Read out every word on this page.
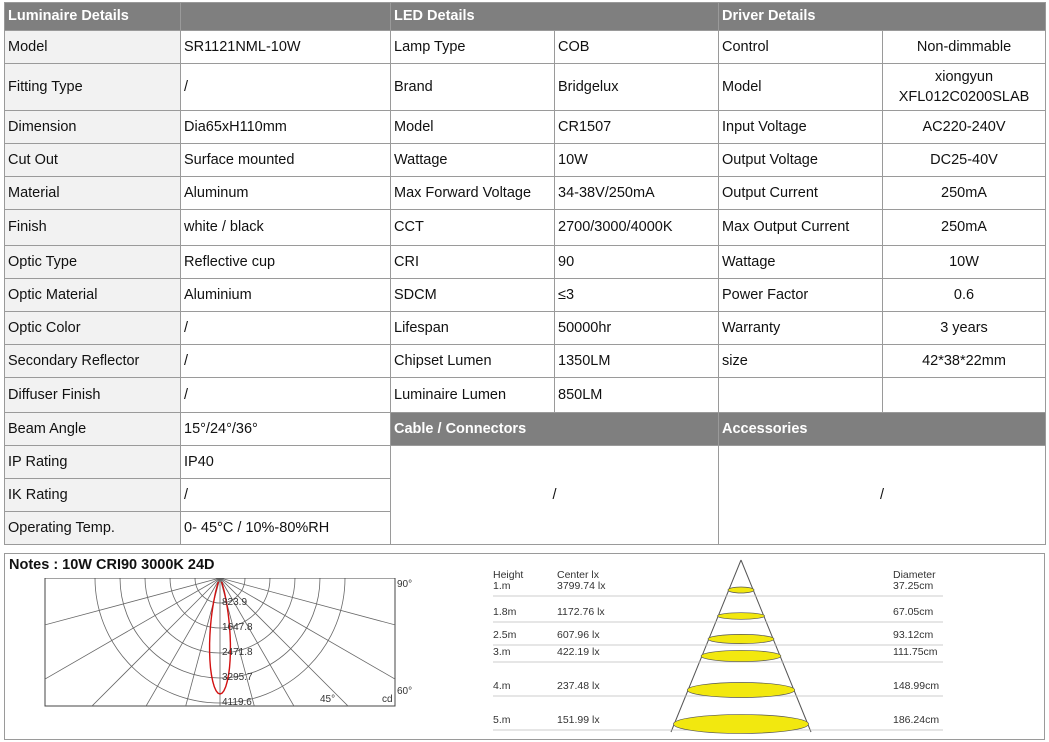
Luminaire Details		LED Details		Driver Details	
Model	SR1121NML-10W	Lamp Type	COB	Control	Non-dimmable
Fitting Type	/	Brand	Bridgelux	Model	xiongyun
XFL012C0200SLAB

Dimension	Dia65xH110mm	Model	CR1507	Input Voltage	AC220-240V
Cut Out	Surface mounted	Wattage	10W	Output Voltage	DC25-40V
Material	Aluminum	Max Forward Voltage	34-38V/250mA	Output Current	250mA
Finish	white / black	CCT	2700/3000/4000K	Max Output Current	250mA
Optic Type	Reflective cup	CRI	90	Wattage	10W
Optic Material	Aluminium	SDCM	≤3	Power Factor	0.6
Optic Color	/	Lifespan	50000hr	Warranty	3 years
Secondary Reflector	/	Chipset Lumen	1350LM	size	42*38*22mm
Diffuser Finish	/	Luminaire Lumen	850LM		
Beam Angle	15°/24°/36°	Cable / Connectors		Accessories	
IP Rating	IP40	/		/	
IK Rating	/				
Operating Temp.	0- 45°C / 10%-80%RH				
Notes : 10W CRI90 3000K 24D
823.9
1647.8
2471.8
3295.7
4119.6
90°
60°
45°	cd
Height	Center lx	Diameter
1.m	3799.74 lx	37.25cm
1.8m	1172.76 lx	67.05cm
2.5m	607.96 lx	93.12cm
3.m	422.19 lx	111.75cm
4.m	237.48 lx	148.99cm
5.m	151.99 lx	186.24cm
